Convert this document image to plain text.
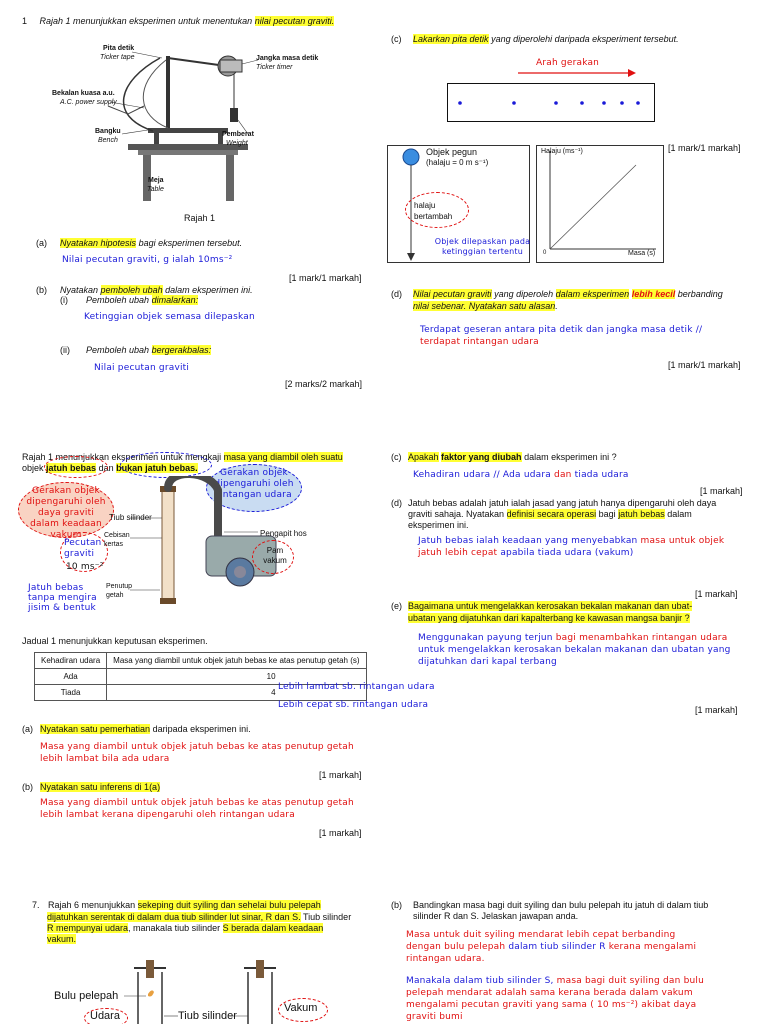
1 Rajah 1 menunjukkan eksperimen untuk menentukan nilai pecutan graviti.
Pita detik
Ticker tape	Jangka masa detik
Ticker timer
Bekalan kuasa a.u.
A.C. power supply
Bangku
Bench
Pemberat
Weight
Meja
Table
Rajah 1
(a) Nyatakan hipotesis bagi eksperimen tersebut.
Nilai pecutan graviti, g ialah 10ms⁻²
[1 mark/1 markah]
(b) Nyatakan pemboleh ubah dalam eksperimen ini.
(i) Pemboleh ubah dimalarkan:
Ketinggian objek semasa dilepaskan
(ii) Pemboleh ubah bergerakbalas:
Nilai pecutan graviti
[2 marks/2 markah]
(c) Lakarkan pita detik yang diperolehi daripada eksperiment tersebut.
Arah gerakan
Objek pegun
(halaju = 0 m s⁻¹)
halaju bertambah
Objek dilepaskan pada ketinggian tertentu
Halaju (ms⁻¹)
Masa (s)
0
[1 mark/1 markah]
(d) Nilai pecutan graviti yang diperoleh dalam eksperimen lebih kecil berbanding
nilai sebenar. Nyatakan satu alasan.
Terdapat geseran antara pita detik dan jangka masa detik //
terdapat rintangan udara
[1 mark/1 markah]
Rajah 1 menunjukkan eksperimen untuk mengkaji masa yang diambil oleh suatu
objek jatuh bebas dan bukan jatuh bebas.
Gerakan objek dipengaruhi oleh daya graviti dalam keadaan vakum
Gerakan objek dipengaruhi oleh rintangan udara
Pecutan graviti
10 ms⁻²
Jatuh bebas tanpa mengira jisim & bentuk
Tiub silinder
Cebisan kertas
Penutup getah
Pengapit hos
Pam vakum
Jadual 1 menunjukkan keputusan eksperimen.
Kehadiran udara	Masa yang diambil untuk objek jatuh bebas ke atas penutup getah (s)
Ada	10
Tiada	4
Lebih lambat sb. rintangan udara
Lebih cepat sb. rintangan udara
(a) Nyatakan satu pemerhatian daripada eksperimen ini.
Masa yang diambil untuk objek jatuh bebas ke atas penutup getah
lebih lambat bila ada udara
[1 markah]
(b) Nyatakan satu inferens di 1(a)
Masa yang diambil untuk objek jatuh bebas ke atas penutup getah
lebih lambat kerana dipengaruhi oleh rintangan udara
[1 markah]
(c) Apakah faktor yang diubah dalam eksperimen ini ?
Kehadiran udara // Ada udara dan tiada udara
[1 markah]
(d) Jatuh bebas adalah jatuh ialah jasad yang jatuh hanya dipengaruhi oleh daya
graviti sahaja. Nyatakan definisi secara operasi bagi jatuh bebas dalam
eksperimen ini.
Jatuh bebas ialah keadaan yang menyebabkan masa untuk objek
jatuh lebih cepat apabila tiada udara (vakum)
[1 markah]
(e) Bagaimana untuk mengelakkan kerosakan bekalan makanan dan ubat-
ubatan yang dijatuhkan dari kapalterbang ke kawasan mangsa banjir ?
Menggunakan payung terjun bagi menambahkan rintangan udara
untuk mengelakkan kerosakan bekalan makanan dan ubatan yang
dijatuhkan dari kapal terbang
[1 markah]
7. Rajah 6 menunjukkan sekeping duit syiling dan sehelai bulu pelepah
dijatuhkan serentak di dalam dua tiub silinder lut sinar, R dan S. Tiub silinder
R mempunyai udara, manakala tiub silinder S berada dalam keadaan
vakum.
Bulu pelepah
Udara	Tiub silinder
Vakum
(b) Bandingkan masa bagi duit syiling dan bulu pelepah itu jatuh di dalam tiub
silinder R dan S. Jelaskan jawapan anda.
Masa untuk duit syiling mendarat lebih cepat berbanding
dengan bulu pelepah dalam tiub silinder R kerana mengalami
rintangan udara.
Manakala dalam tiub silinder S, masa bagi duit syiling dan bulu
pelepah mendarat adalah sama kerana berada dalam vakum
mengalami pecutan graviti yang sama ( 10 ms⁻²) akibat daya
graviti bumi
